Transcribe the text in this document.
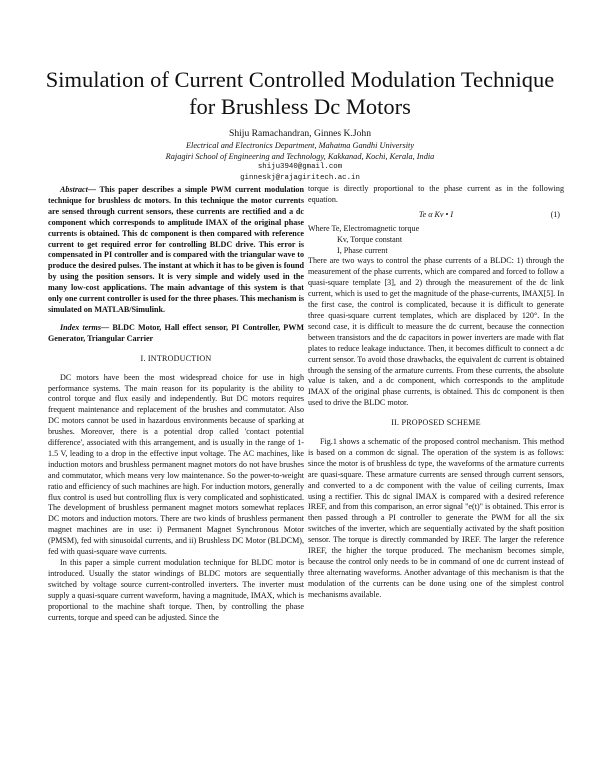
Simulation of Current Controlled Modulation Technique for Brushless Dc Motors
Shiju Ramachandran, Ginnes K.John
Electrical and Electronics Department, Mahatma Gandhi University
Rajagiri School of Engineering and Technology, Kakkanad, Kochi, Kerala, India
shiju3940@gmail.com
ginneskj@rajagiritech.ac.in

Abstract— This paper describes a simple PWM current modulation technique for brushless dc motors. In this technique the motor currents are sensed through current sensors, these currents are rectified and a dc component which corresponds to amplitude IMAX of the original phase currents is obtained. This dc component is then compared with reference current to get required error for controlling BLDC drive. This error is compensated in PI controller and is compared with the triangular wave to produce the desired pulses. The instant at which it has to be given is found by using the position sensors. It is very simple and widely used in the many low-cost applications. The main advantage of this system is that only one current controller is used for the three phases. This mechanism is simulated on MATLAB/Simulink.

Index terms— BLDC Motor, Hall effect sensor, PI Controller, PWM Generator, Triangular Carrier

I. INTRODUCTION

DC motors have been the most widespread choice for use in high performance systems. The main reason for its popularity is the ability to control torque and flux easily and independently. But DC motors requires frequent maintenance and replacement of the brushes and commutator. Also DC motors cannot be used in hazardous environments because of sparking at brushes. Moreover, there is a potential drop called 'contact potential difference', associated with this arrangement, and is usually in the range of 1-1.5 V, leading to a drop in the effective input voltage. The AC machines, like induction motors and brushless permanent magnet motors do not have brushes and commutator, which means very low maintenance. So the power-to-weight ratio and efficiency of such machines are high. For induction motors, generally flux control is used but controlling flux is very complicated and sophisticated. The development of brushless permanent magnet motors somewhat replaces DC motors and induction motors. There are two kinds of brushless permanent magnet machines are in use: i) Permanent Magnet Synchronous Motor (PMSM), fed with sinusoidal currents, and ii) Brushless DC Motor (BLDCM), fed with quasi-square wave currents.

In this paper a simple current modulation technique for BLDC motor is introduced. Usually the stator windings of BLDC motors are sequentially switched by voltage source current-controlled inverters. The inverter must supply a quasi-square current waveform, having a magnitude, IMAX, which is proportional to the machine shaft torque. Then, by controlling the phase currents, torque and speed can be adjusted. Since the

torque is directly proportional to the phase current as in the following equation.

Te α Kv • I	(1)
Where Te, Electromagnetic torque
Kv, Torque constant
I, Phase current

There are two ways to control the phase currents of a BLDC: 1) through the measurement of the phase currents, which are compared and forced to follow a quasi-square template [3], and 2) through the measurement of the dc link current, which is used to get the magnitude of the phase-currents, IMAX[5]. In the first case, the control is complicated, because it is difficult to generate three quasi-square current templates, which are displaced by 120°. In the second case, it is difficult to measure the dc current, because the connection between transistors and the dc capacitors in power inverters are made with flat plates to reduce leakage inductance. Then, it becomes difficult to connect a dc current sensor. To avoid those drawbacks, the equivalent dc current is obtained through the sensing of the armature currents. From these currents, the absolute value is taken, and a dc component, which corresponds to the amplitude IMAX of the original phase currents, is obtained. This dc component is then used to drive the BLDC motor.

II. PROPOSED SCHEME

Fig.1 shows a schematic of the proposed control mechanism. This method is based on a common dc signal. The operation of the system is as follows: since the motor is of brushless dc type, the waveforms of the armature currents are quasi-square. These armature currents are sensed through current sensors, and converted to a dc component with the value of ceiling currents, Imax using a rectifier. This dc signal IMAX is compared with a desired reference IREF, and from this comparison, an error signal "e(t)" is obtained. This error is then passed through a PI controller to generate the PWM for all the six switches of the inverter, which are sequentially activated by the shaft position sensor. The torque is directly commanded by IREF. The larger the reference IREF, the higher the torque produced. The mechanism becomes simple, because the control only needs to be in command of one dc current instead of three alternating waveforms. Another advantage of this mechanism is that the modulation of the currents can be done using one of the simplest control mechanisms available.
